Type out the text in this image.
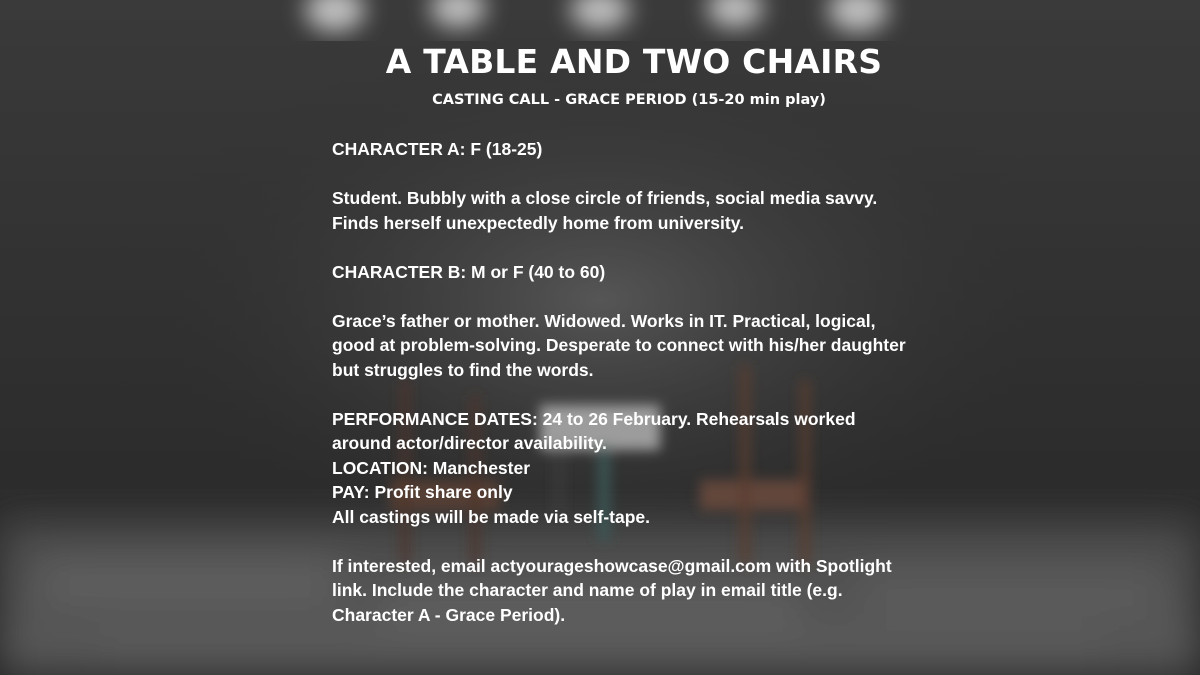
A TABLE AND TWO CHAIRS
CASTING CALL - GRACE PERIOD (15-20 min play)

CHARACTER A: F (18-25)

Student. Bubbly with a close circle of friends, social media savvy.

Finds herself unexpectedly home from university.

CHARACTER B: M or F (40 to 60)

Grace’s father or mother. Widowed. Works in IT. Practical, logical,

good at problem-solving. Desperate to connect with his/her daughter

but struggles to find the words.

PERFORMANCE DATES: 24 to 26 February. Rehearsals worked

around actor/director availability.

LOCATION: Manchester

PAY: Profit share only

All castings will be made via self-tape.

If interested, email actyourageshowcase@gmail.com with Spotlight

link. Include the character and name of play in email title (e.g.

Character A - Grace Period).
